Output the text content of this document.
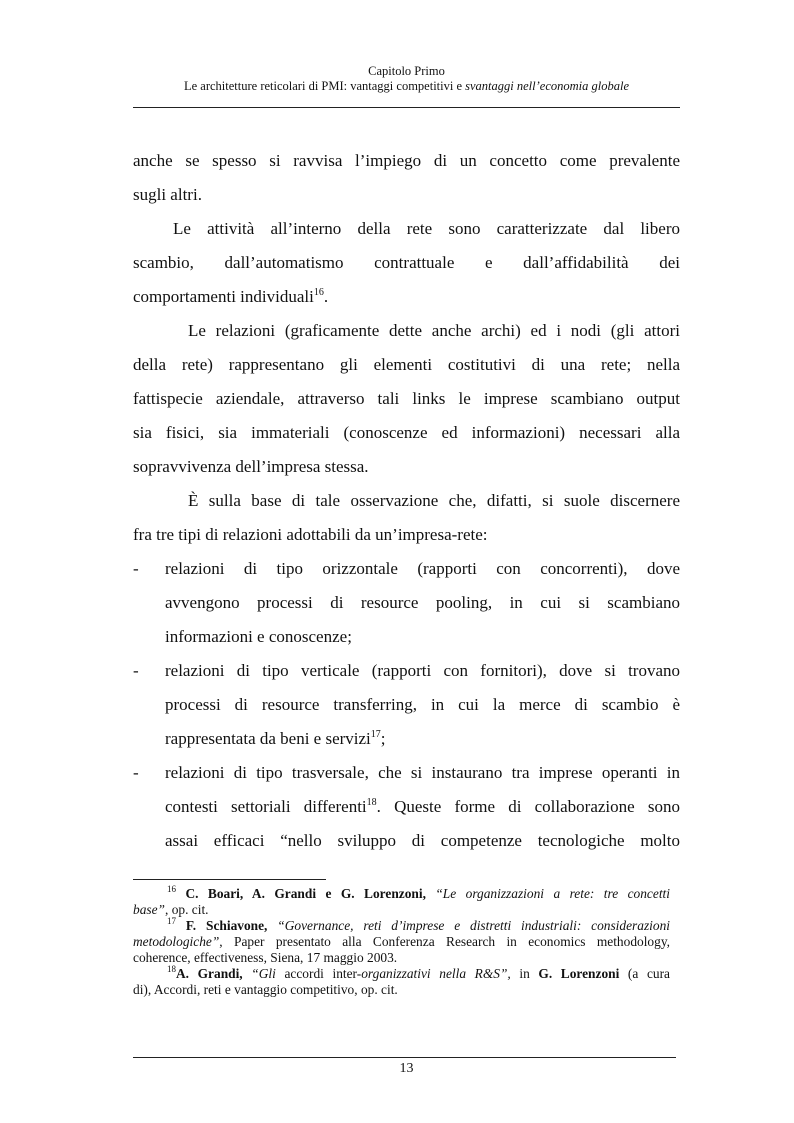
Capitolo Primo
Le architetture reticolari di PMI: vantaggi competitivi e svantaggi nell’economia globale
anche se spesso si ravvisa l’impiego di un concetto come prevalente
sugli altri.
Le attività all’interno della rete sono caratterizzate dal libero
scambio, dall’automatismo contrattuale e dall’affidabilità dei
comportamenti individuali$^{16}$.
Le relazioni (graficamente dette anche archi) ed i nodi (gli attori
della rete) rappresentano gli elementi costitutivi di una rete; nella
fattispecie aziendale, attraverso tali links le imprese scambiano output
sia fisici, sia immateriali (conoscenze ed informazioni) necessari alla
sopravvivenza dell’impresa stessa.
È sulla base di tale osservazione che, difatti, si suole discernere
fra tre tipi di relazioni adottabili da un’impresa-rete:
- relazioni di tipo orizzontale (rapporti con concorrenti), dove
avvengono processi di resource pooling, in cui si scambiano
informazioni e conoscenze;
- relazioni di tipo verticale (rapporti con fornitori), dove si trovano
processi di resource transferring, in cui la merce di scambio è
rappresentata da beni e servizi$^{17}$;
- relazioni di tipo trasversale, che si instaurano tra imprese operanti in
contesti settoriali differenti$^{18}$. Queste forme di collaborazione sono
assai efficaci “nello sviluppo di competenze tecnologiche molto
$^{16}$ C. Boari, A. Grandi e G. Lorenzoni, “Le organizzazioni a rete: tre concetti
base”, op. cit.
$^{17}$ F. Schiavone, “Governance, reti d’imprese e distretti industriali: considerazioni
metodologiche”, Paper presentato alla Conferenza Research in economics methodology,
coherence, effectiveness, Siena, 17 maggio 2003.
$^{18}$A. Grandi, “Gli accordi inter-organizzativi nella R&S”, in G. Lorenzoni (a cura
di), Accordi, reti e vantaggio competitivo, op. cit.
13
